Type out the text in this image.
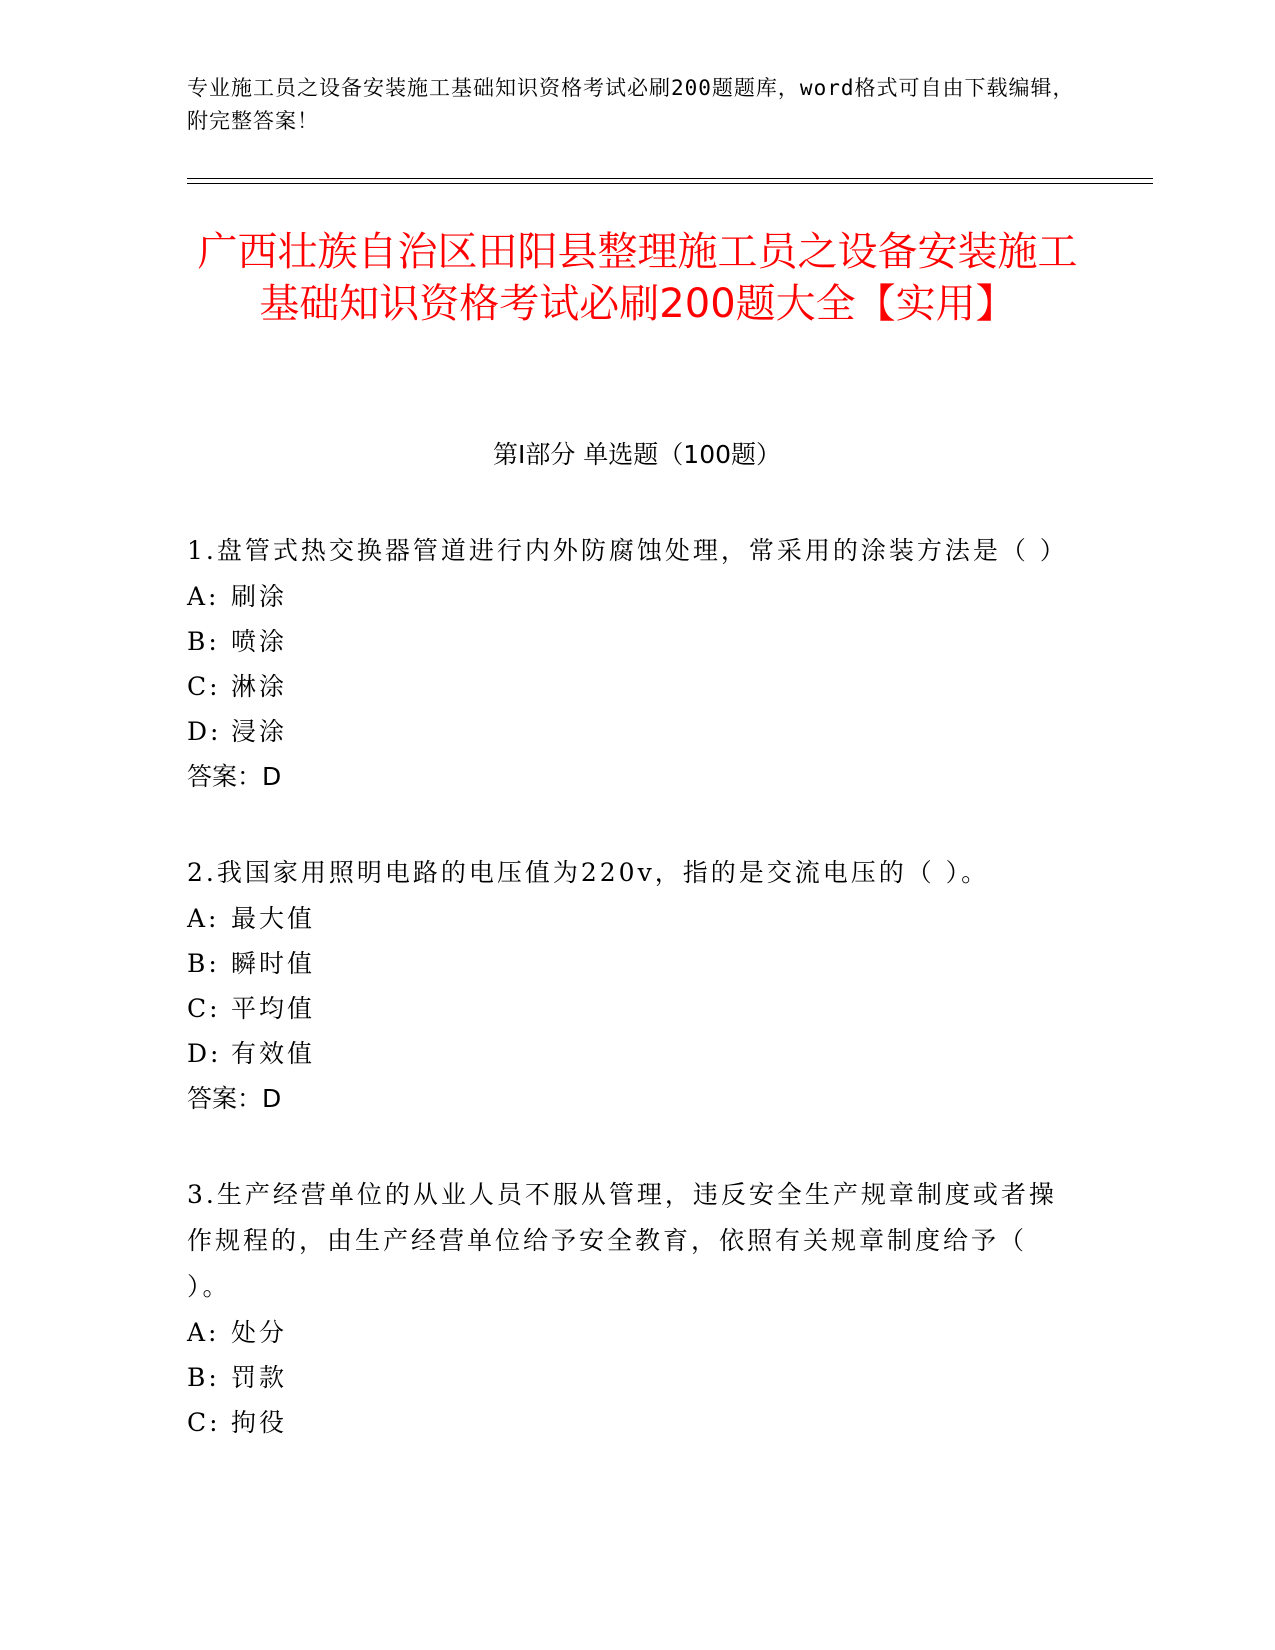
专业施工员之设备安装施工基础知识资格考试必刷200题题库，word格式可自由下载编辑，附完整答案！
广西壮族自治区田阳县整理施工员之设备安装施工基础知识资格考试必刷200题大全【实用】
第I部分 单选题（100题）
1.盘管式热交换器管道进行内外防腐蚀处理，常采用的涂装方法是（ ）
A: 刷涂
B: 喷涂
C: 淋涂
D: 浸涂
答案：D
2.我国家用照明电路的电压值为220v，指的是交流电压的（ ）。
A: 最大值
B: 瞬时值
C: 平均值
D: 有效值
答案：D
3.生产经营单位的从业人员不服从管理，违反安全生产规章制度或者操作规程的，由生产经营单位给予安全教育，依照有关规章制度给予（ ）。
A: 处分
B: 罚款
C: 拘役
